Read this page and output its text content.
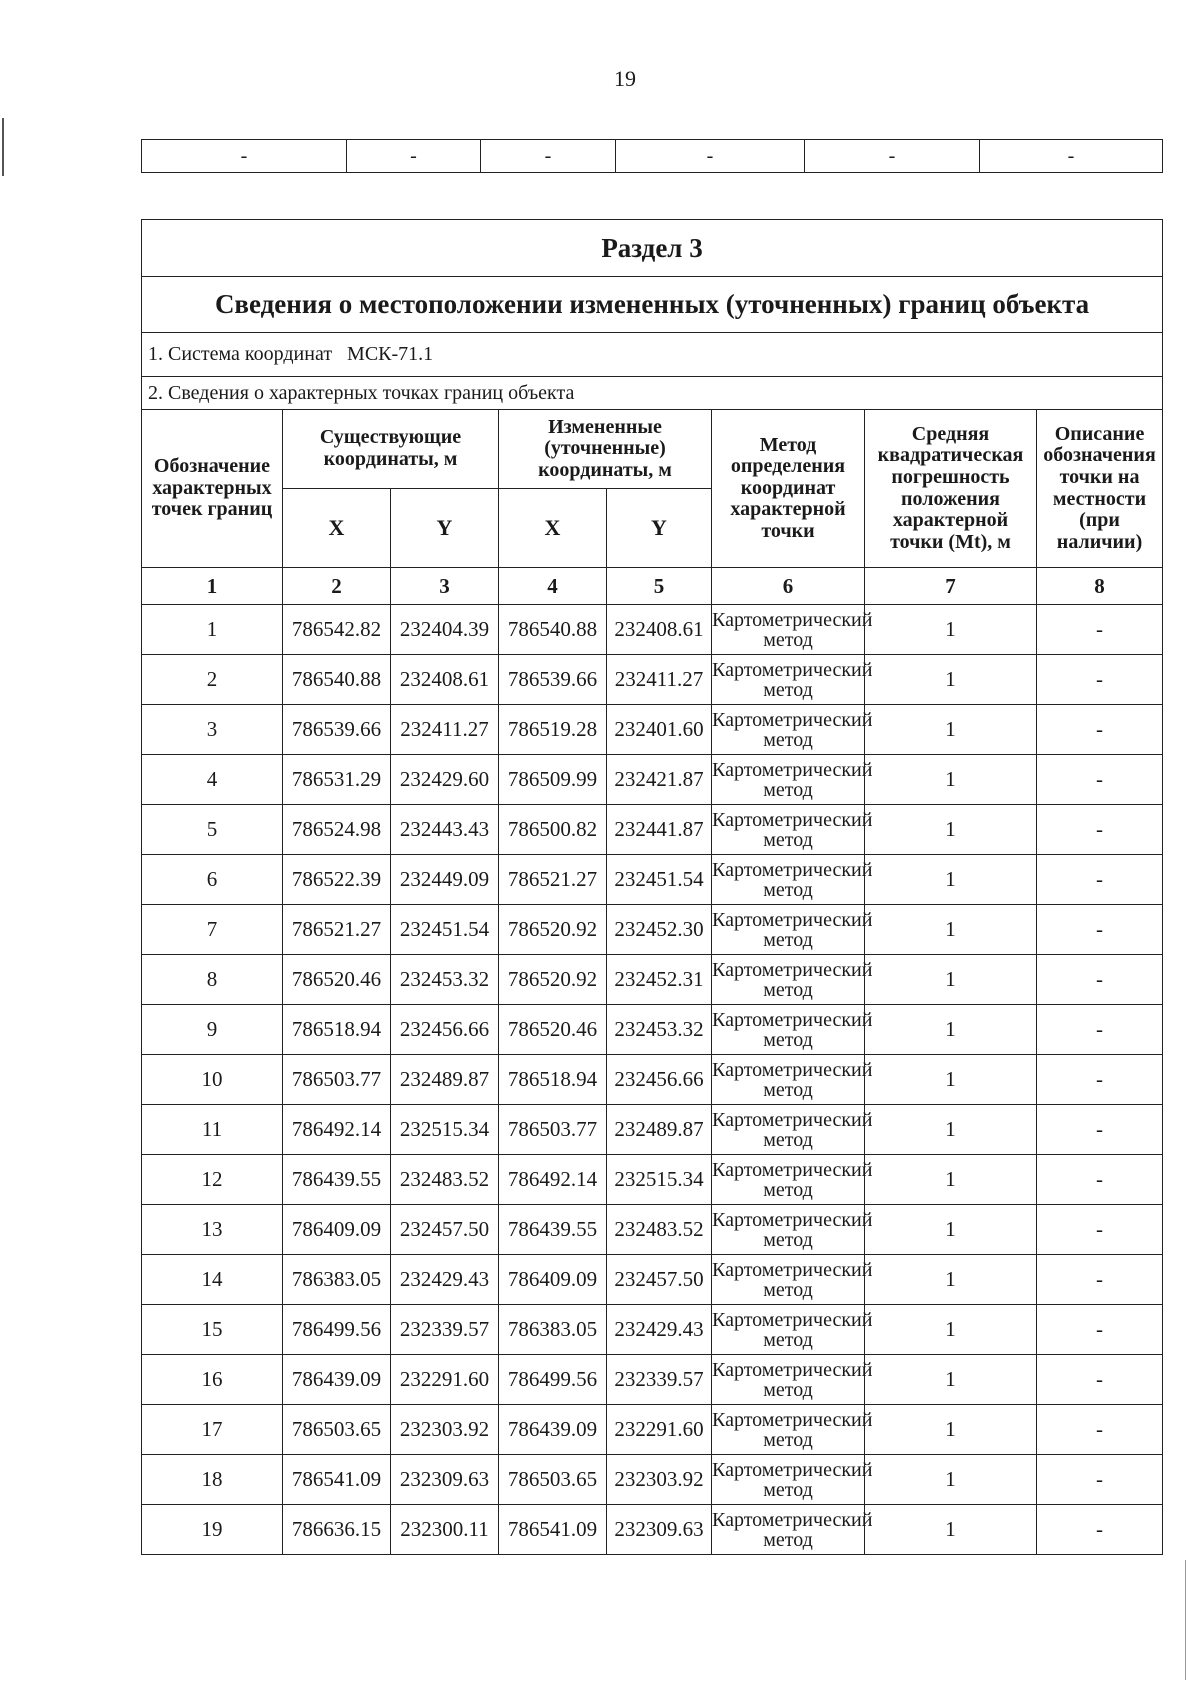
19
-	-	-	-	-	-
Раздел 3							
Сведения о местоположении измененных (уточненных) границ объекта							
1. Система координат   МСК-71.1							
2. Сведения о характерных точках границ объекта							
Обозначение характерных точек границ	Существующие координаты, м		Измененные (уточненные) координаты, м		Метод определения координат характерной точки	Средняя квадратическая погрешность положения характерной точки (Mt), м	Описание обозначения точки на местности (при наличии)
	X	Y	X	Y			
1	2	3	4	5	6	7	8
1	786542.82	232404.39	786540.88	232408.61	Картометрический метод	1	-
2	786540.88	232408.61	786539.66	232411.27	Картометрический метод	1	-
3	786539.66	232411.27	786519.28	232401.60	Картометрический метод	1	-
4	786531.29	232429.60	786509.99	232421.87	Картометрический метод	1	-
5	786524.98	232443.43	786500.82	232441.87	Картометрический метод	1	-
6	786522.39	232449.09	786521.27	232451.54	Картометрический метод	1	-
7	786521.27	232451.54	786520.92	232452.30	Картометрический метод	1	-
8	786520.46	232453.32	786520.92	232452.31	Картометрический метод	1	-
9	786518.94	232456.66	786520.46	232453.32	Картометрический метод	1	-
10	786503.77	232489.87	786518.94	232456.66	Картометрический метод	1	-
11	786492.14	232515.34	786503.77	232489.87	Картометрический метод	1	-
12	786439.55	232483.52	786492.14	232515.34	Картометрический метод	1	-
13	786409.09	232457.50	786439.55	232483.52	Картометрический метод	1	-
14	786383.05	232429.43	786409.09	232457.50	Картометрический метод	1	-
15	786499.56	232339.57	786383.05	232429.43	Картометрический метод	1	-
16	786439.09	232291.60	786499.56	232339.57	Картометрический метод	1	-
17	786503.65	232303.92	786439.09	232291.60	Картометрический метод	1	-
18	786541.09	232309.63	786503.65	232303.92	Картометрический метод	1	-
19	786636.15	232300.11	786541.09	232309.63	Картометрический метод	1	-
